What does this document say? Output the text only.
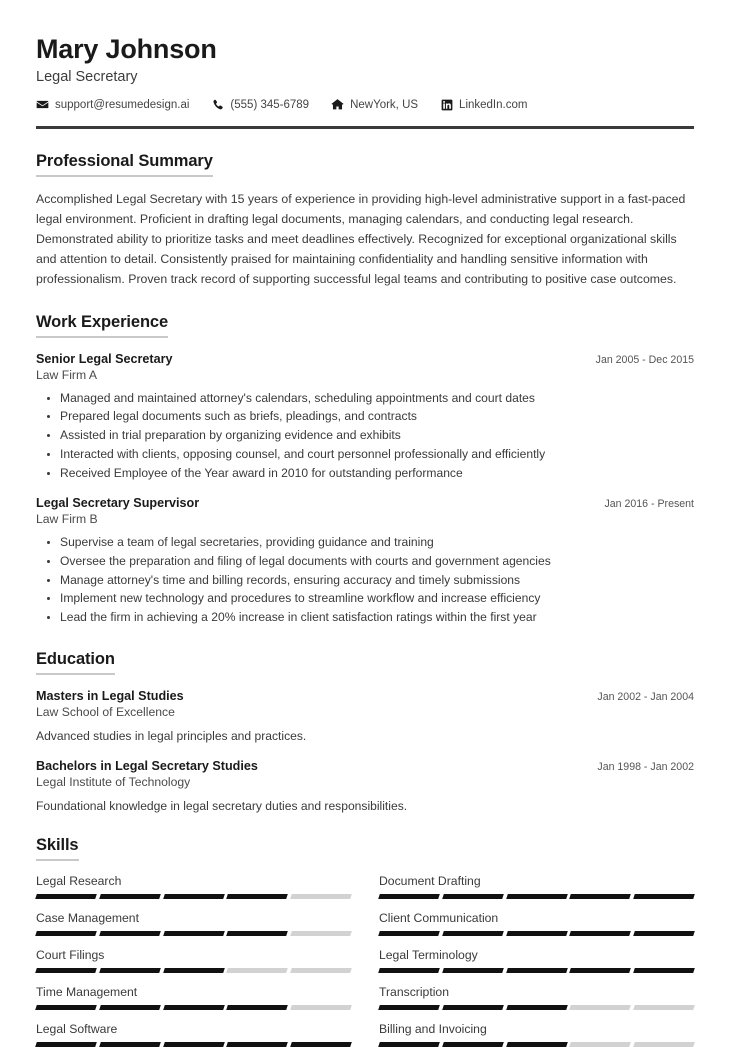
Mary Johnson
Legal Secretary
support@resumedesign.ai	(555) 345-6789	NewYork, US	LinkedIn.com
Professional Summary
Accomplished Legal Secretary with 15 years of experience in providing high-level administrative support in a fast-paced legal environment. Proficient in drafting legal documents, managing calendars, and conducting legal research. Demonstrated ability to prioritize tasks and meet deadlines effectively. Recognized for exceptional organizational skills and attention to detail. Consistently praised for maintaining confidentiality and handling sensitive information with professionalism. Proven track record of supporting successful legal teams and contributing to positive case outcomes.
Work Experience
Senior Legal Secretary	Jan 2005 - Dec 2015
Law Firm A
Managed and maintained attorney's calendars, scheduling appointments and court dates
Prepared legal documents such as briefs, pleadings, and contracts
Assisted in trial preparation by organizing evidence and exhibits
Interacted with clients, opposing counsel, and court personnel professionally and efficiently
Received Employee of the Year award in 2010 for outstanding performance
Legal Secretary Supervisor	Jan 2016 - Present
Law Firm B
Supervise a team of legal secretaries, providing guidance and training
Oversee the preparation and filing of legal documents with courts and government agencies
Manage attorney's time and billing records, ensuring accuracy and timely submissions
Implement new technology and procedures to streamline workflow and increase efficiency
Lead the firm in achieving a 20% increase in client satisfaction ratings within the first year
Education
Masters in Legal Studies	Jan 2002 - Jan 2004
Law School of Excellence
Advanced studies in legal principles and practices.
Bachelors in Legal Secretary Studies	Jan 1998 - Jan 2002
Legal Institute of Technology
Foundational knowledge in legal secretary duties and responsibilities.
Skills
Legal Research	Document Drafting
Case Management	Client Communication
Court Filings	Legal Terminology
Time Management	Transcription
Legal Software	Billing and Invoicing
